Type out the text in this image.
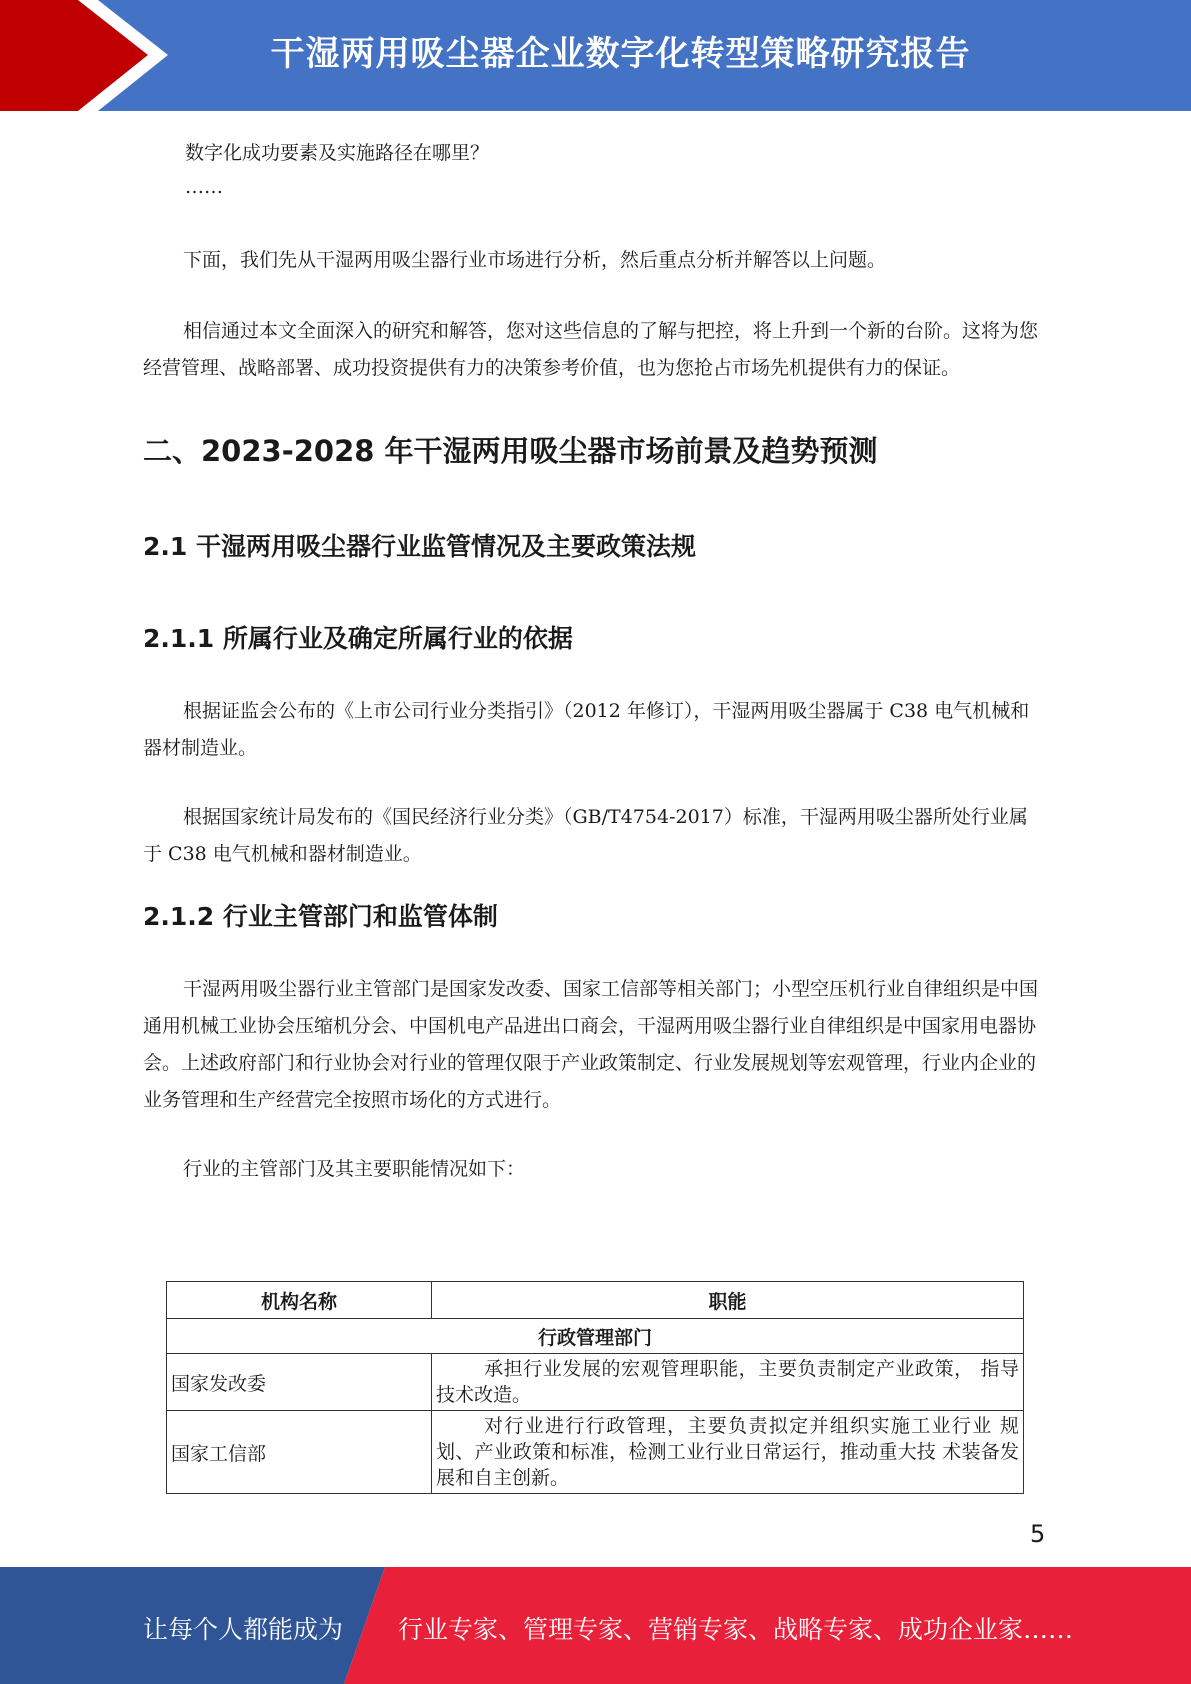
干湿两用吸尘器企业数字化转型策略研究报告
数字化成功要素及实施路径在哪里？
……

下面，我们先从干湿两用吸尘器行业市场进行分析，然后重点分析并解答以上问题。

相信通过本文全面深入的研究和解答，您对这些信息的了解与把控，将上升到一个新的台阶。这将为您经营管理、战略部署、成功投资提供有力的决策参考价值，也为您抢占市场先机提供有力的保证。

二、2023-2028 年干湿两用吸尘器市场前景及趋势预测
2.1 干湿两用吸尘器行业监管情况及主要政策法规
2.1.1 所属行业及确定所属行业的依据

根据证监会公布的《上市公司行业分类指引》（2012 年修订），干湿两用吸尘器属于 C38 电气机械和器材制造业。

根据国家统计局发布的《国民经济行业分类》（GB/T4754-2017）标准，干湿两用吸尘器所处行业属于 C38 电气机械和器材制造业。

2.1.2 行业主管部门和监管体制

干湿两用吸尘器行业主管部门是国家发改委、国家工信部等相关部门；小型空压机行业自律组织是中国通用机械工业协会压缩机分会、中国机电产品进出口商会，干湿两用吸尘器行业自律组织是中国家用电器协会。上述政府部门和行业协会对行业的管理仅限于产业政策制定、行业发展规划等宏观管理，行业内企业的业务管理和生产经营完全按照市场化的方式进行。

行业的主管部门及其主要职能情况如下：

机构名称	职能
行政管理部门	
国家发改委	承担行业发展的宏观管理职能，主要负责制定产业政策， 指导技术改造。
国家工信部	对行业进行行政管理，主要负责拟定并组织实施工业行业 规划、产业政策和标准，检测工业行业日常运行，推动重大技 术装备发展和自主创新。
5
让每个人都能成为 行业专家、管理专家、营销专家、战略专家、成功企业家……
